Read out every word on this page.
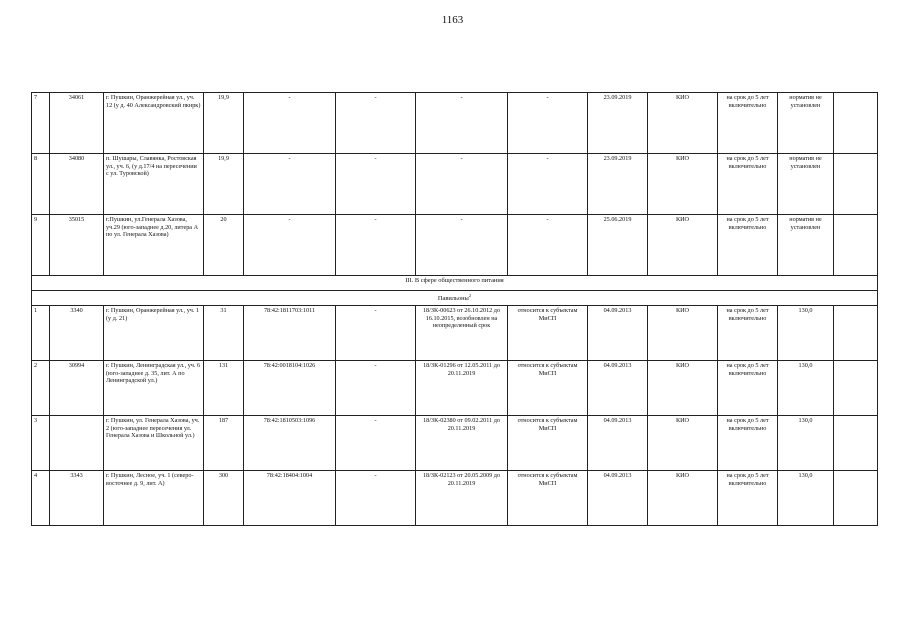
1163
7	34061	г. Пушкин, Оранжерейная ул., уч. 12 (у д. 40 Александровский пкнрк)	19,9	-	-	-	-	23.09.2019	КИО	на срок до 5 лет включительно	норматив не установлен	
8	34080	п. Шушары, Славянка, Ростовская ул., уч. 6, (у д.17/4 на пересечении с ул. Туровской)	19,9	-	-	-	-	23.09.2019	КИО	на срок до 5 лет включительно	норматив не установлен	
9	35015	г.Пушкин, ул.Генерала Хазова, уч.29 (юго-западнее д.20, литера А по ул. Генерала Хазова)	20	-	-	-	-	25.06.2019	КИО	на срок до 5 лет включительно	норматив не установлен	
III. В сфере общественного питания												
Павильоны$^2$
1	3340	г. Пушкин, Оранжерейная ул., уч. 1 (у д. 21)	31	78:42:1811703:1011	-	18/ЗК-00623 от 26.10.2012 до 16.10.2015, возобновлен на неопределенный срок	относится к субъектам МиСП	04.09.2013	КИО	на срок до 5 лет включительно	130,0	
2	30994	г. Пушкин, Ленинградская ул., уч. 6 (юго-западнее д. 35, лит. А по Ленинградской ул.)	131	78:42:0018104:1026	-	18/ЗК-01296 от 12.05.2011 до 20.11.2019	относится к субъектам МиСП	04.09.2013	КИО	на срок до 5 лет включительно	130,0	
3		г. Пушкин, ул. Генерала Хазова, уч. 2 (юго-западнее пересечения ул. Генерала Хазова и Школьной ул.)	187	78:42:1810503:1096	-	18/ЗК-02380 от 09.02.2011 до 20.11.2019	относится к субъектам МиСП	04.09.2013	КИО	на срок до 5 лет включительно	130,0	
4	3343	г. Пушкин, Лесное, уч. 1 (северо-восточнее д. 9, лит. А)	300	78:42:18404:1004	-	18/ЗК-02123 от 20.05.2009 до 20.11.2019	относится к субъектам МиСП	04.09.2013	КИО	на срок до 5 лет включительно	130,0	
